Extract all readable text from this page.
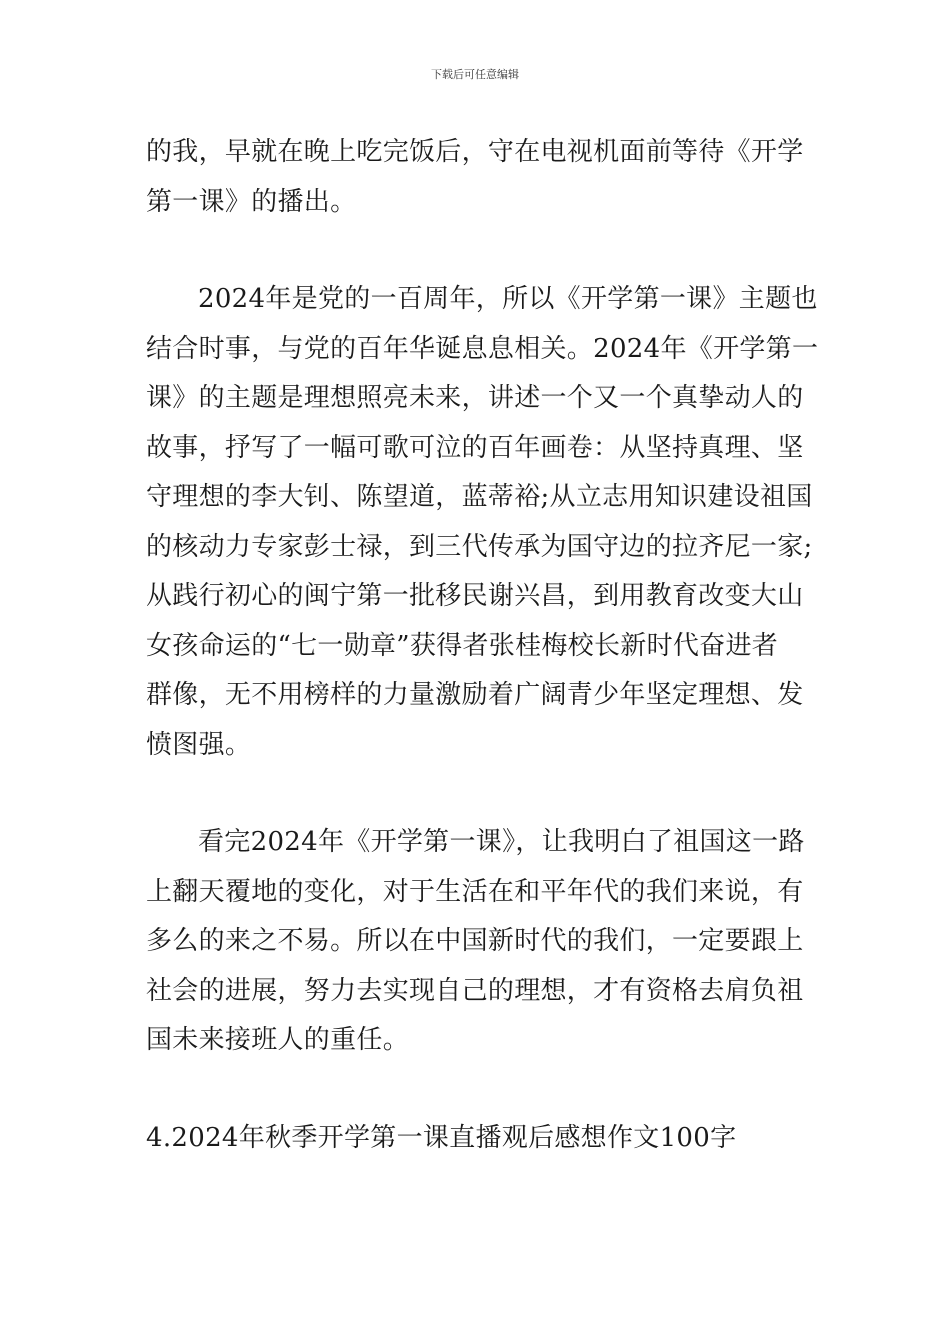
下载后可任意编辑
的我，早就在晚上吃完饭后，守在电视机面前等待《开学
第一课》的播出。
2024年是党的一百周年，所以《开学第一课》主题也
结合时事，与党的百年华诞息息相关。2024年《开学第一
课》的主题是理想照亮未来，讲述一个又一个真挚动人的
故事，抒写了一幅可歌可泣的百年画卷：从坚持真理、坚
守理想的李大钊、陈望道，蓝蒂裕;从立志用知识建设祖国
的核动力专家彭士禄，到三代传承为国守边的拉齐尼一家;
从践行初心的闽宁第一批移民谢兴昌，到用教育改变大山
女孩命运的“七一勋章”获得者张桂梅校长新时代奋进者
群像，无不用榜样的力量激励着广阔青少年坚定理想、发
愤图强。
看完2024年《开学第一课》，让我明白了祖国这一路
上翻天覆地的变化，对于生活在和平年代的我们来说，有
多么的来之不易。所以在中国新时代的我们，一定要跟上
社会的进展，努力去实现自己的理想，才有资格去肩负祖
国未来接班人的重任。
4.2024年秋季开学第一课直播观后感想作文100字
